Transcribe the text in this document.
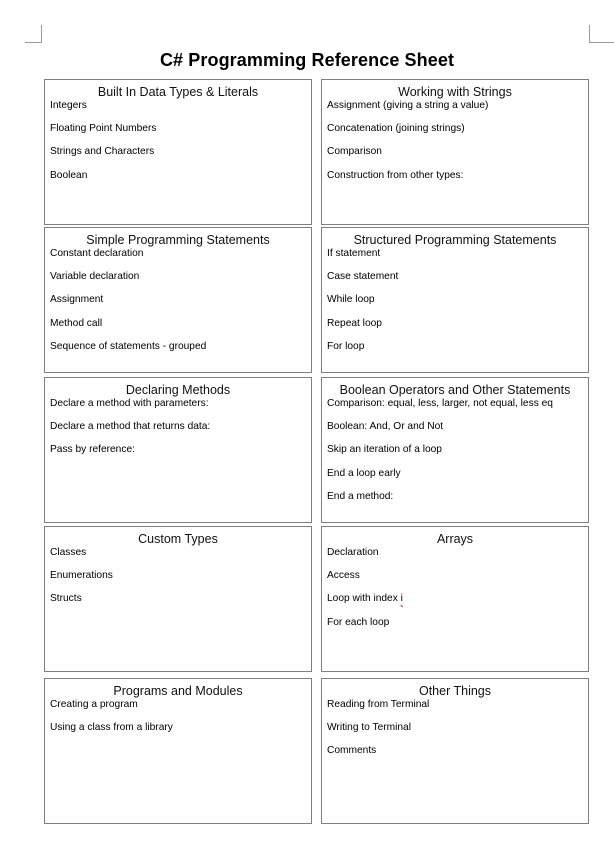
C# Programming Reference Sheet
Built In Data Types & Literals
Integers
Floating Point Numbers
Strings and Characters
Boolean
Working with Strings
Assignment (giving a string a value)
Concatenation (joining strings)
Comparison
Construction from other types:
Simple Programming Statements
Constant declaration
Variable declaration
Assignment
Method call
Sequence of statements - grouped
Structured Programming Statements
If statement
Case statement
While loop
Repeat loop
For loop
Declaring Methods
Declare a method with parameters:
Declare a method that returns data:
Pass by reference:
Boolean Operators and Other Statements
Comparison: equal, less, larger, not equal, less eq
Boolean: And, Or and Not
Skip an iteration of a loop
End a loop early
End a method:
Custom Types
Classes
Enumerations
Structs
Arrays
Declaration
Access
Loop with index i
For each loop
Programs and Modules
Creating a program
Using a class from a library
Other Things
Reading from Terminal
Writing to Terminal
Comments
